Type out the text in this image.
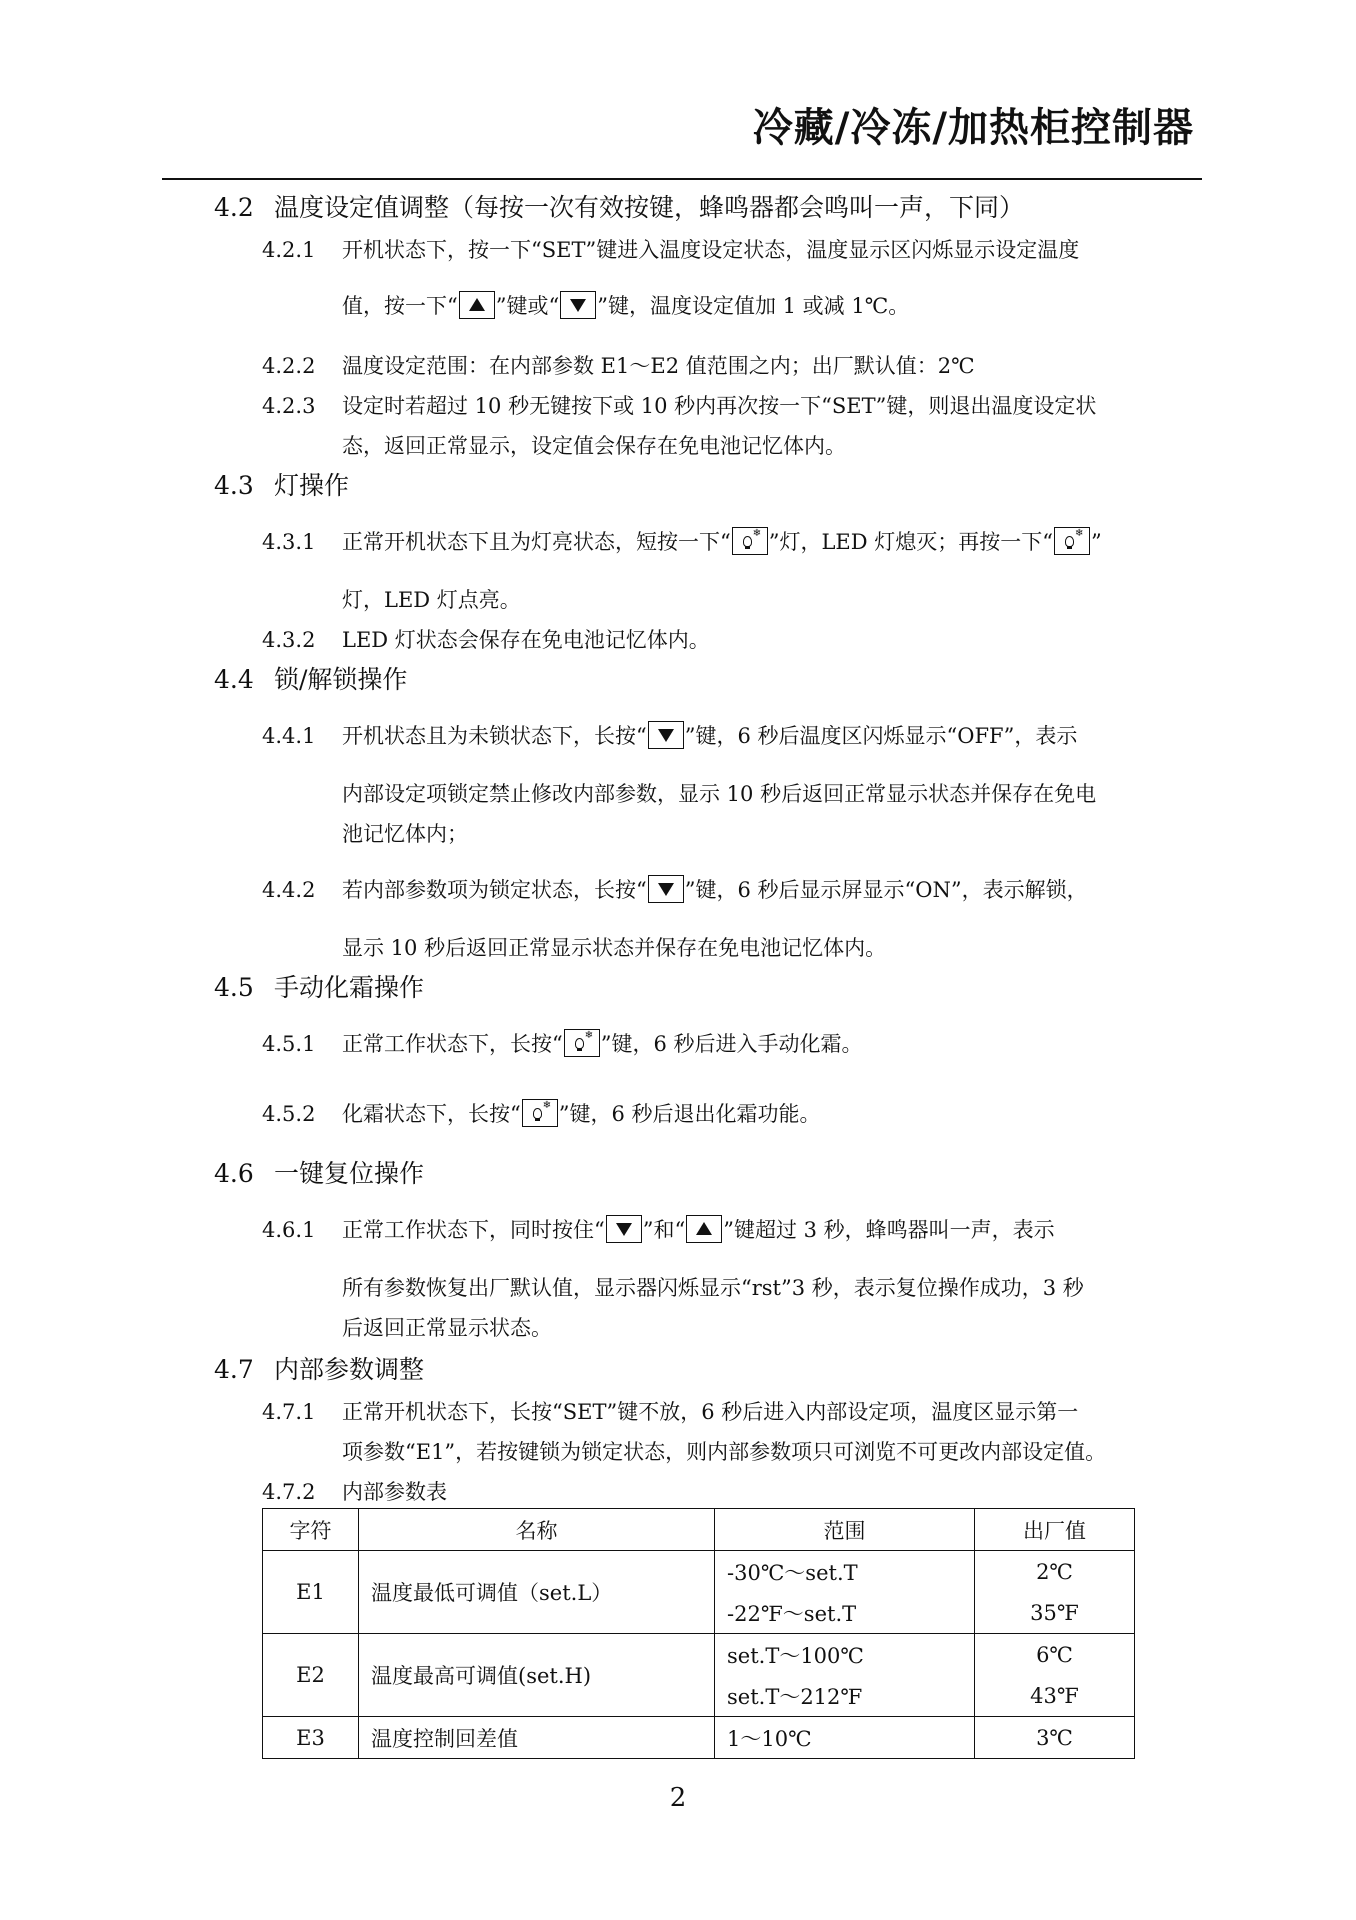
冷藏/冷冻/加热柜控制器
4.2 温度设定值调整（每按一次有效按键，蜂鸣器都会鸣叫一声，下同）
4.2.1 开机状态下，按一下“SET”键进入温度设定状态，温度显示区闪烁显示设定温度
值，按一下“ ”键或“ ”键，温度设定值加 1 或减 1℃。
4.2.2 温度设定范围：在内部参数 E1～E2 值范围之内；出厂默认值：2℃
4.2.3 设定时若超过 10 秒无键按下或 10 秒内再次按一下“SET”键，则退出温度设定状
态，返回正常显示，设定值会保存在免电池记忆体内。
4.3 灯操作
4.3.1 正常开机状态下且为灯亮状态，短按一下“ ❄ ”灯，LED 灯熄灭；再按一下“ ❄ ”
灯，LED 灯点亮。
4.3.2 LED 灯状态会保存在免电池记忆体内。
4.4 锁/解锁操作
4.4.1 开机状态且为未锁状态下，长按“ ”键，6 秒后温度区闪烁显示“OFF”，表示
内部设定项锁定禁止修改内部参数，显示 10 秒后返回正常显示状态并保存在免电
池记忆体内；
4.4.2 若内部参数项为锁定状态，长按“ ”键，6 秒后显示屏显示“ON”，表示解锁，
显示 10 秒后返回正常显示状态并保存在免电池记忆体内。
4.5 手动化霜操作
4.5.1 正常工作状态下，长按“ ❄ ”键，6 秒后进入手动化霜。
4.5.2 化霜状态下，长按“ ❄ ”键，6 秒后退出化霜功能。
4.6 一键复位操作
4.6.1 正常工作状态下，同时按住“ ”和“ ”键超过 3 秒，蜂鸣器叫一声，表示
所有参数恢复出厂默认值，显示器闪烁显示“rst”3 秒，表示复位操作成功，3 秒
后返回正常显示状态。
4.7 内部参数调整
4.7.1 正常开机状态下，长按“SET”键不放，6 秒后进入内部设定项，温度区显示第一
项参数“E1”，若按键锁为锁定状态，则内部参数项只可浏览不可更改内部设定值。
4.7.2 内部参数表
字符	名称	范围	出厂值
E1	温度最低可调值（set.L）	-30℃～set.T	2℃
		-22℉～set.T	35℉
E2	温度最高可调值(set.H)	set.T～100℃	6℃
		set.T～212℉	43℉
E3	温度控制回差值	1～10℃	3℃
2
